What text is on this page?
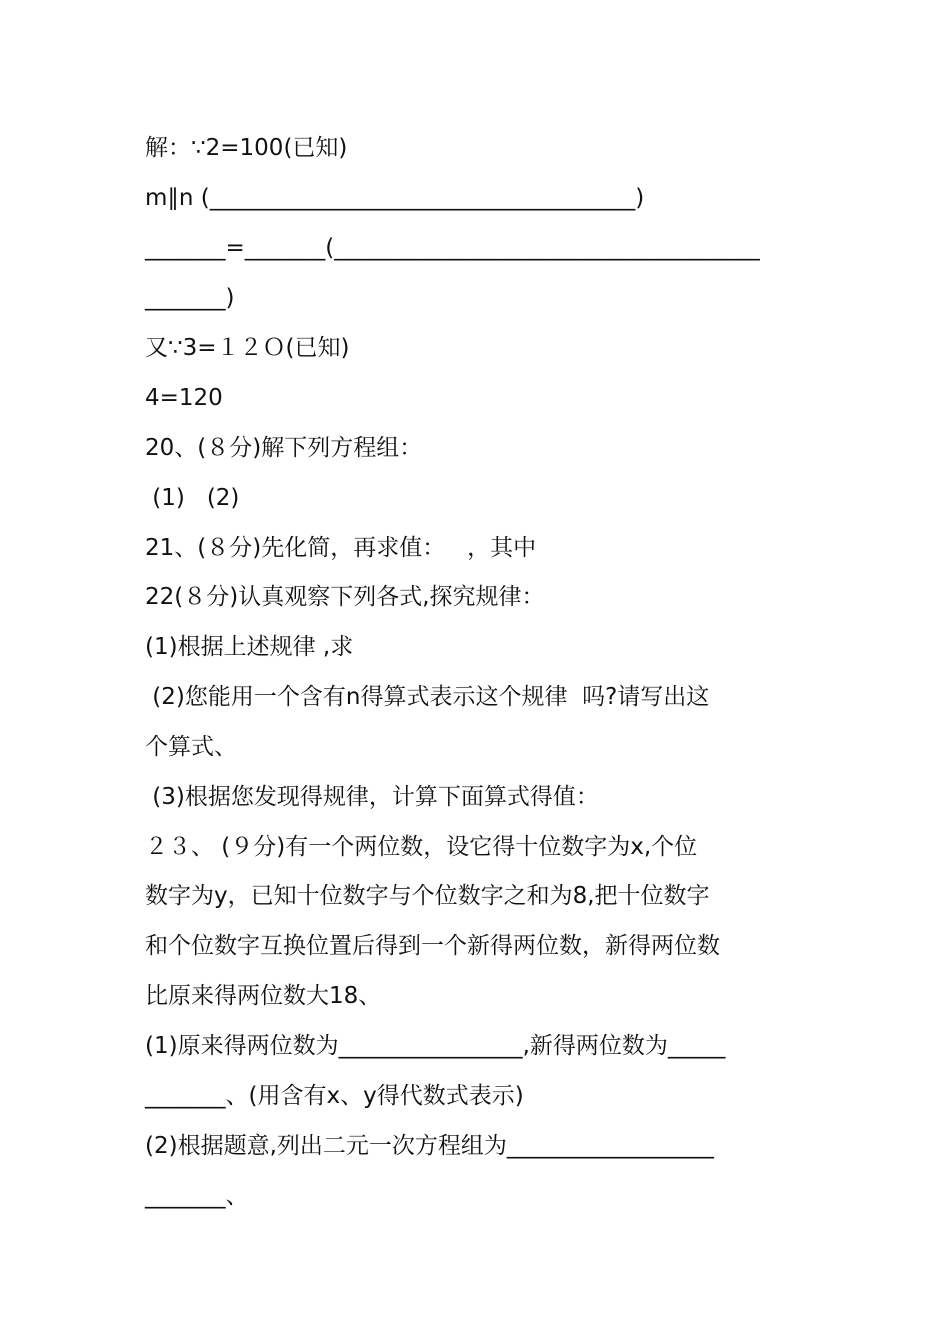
解：∵2=100(已知)
m∥n (_____________________________________)
_______=_______(_____________________________________
_______)
又∵3=１２Ｏ(已知)
4=120
20、(８分)解下列方程组：
(1)   (2)
21、(８分)先化简，再求值：   ，其中
22(８分)认真观察下列各式,探究规律：
(1)根据上述规律 ,求
(2)您能用一个含有n得算式表示这个规律  吗?请写出这
个算式、
(3)根据您发现得规律，计算下面算式得值：
２３、 (９分)有一个两位数，设它得十位数字为x,个位
数字为y，已知十位数字与个位数字之和为8,把十位数字
和个位数字互换位置后得到一个新得两位数，新得两位数
比原来得两位数大18、
(1)原来得两位数为________________,新得两位数为_____
_______、(用含有x、y得代数式表示)
(2)根据题意,列出二元一次方程组为__________________
_______、
